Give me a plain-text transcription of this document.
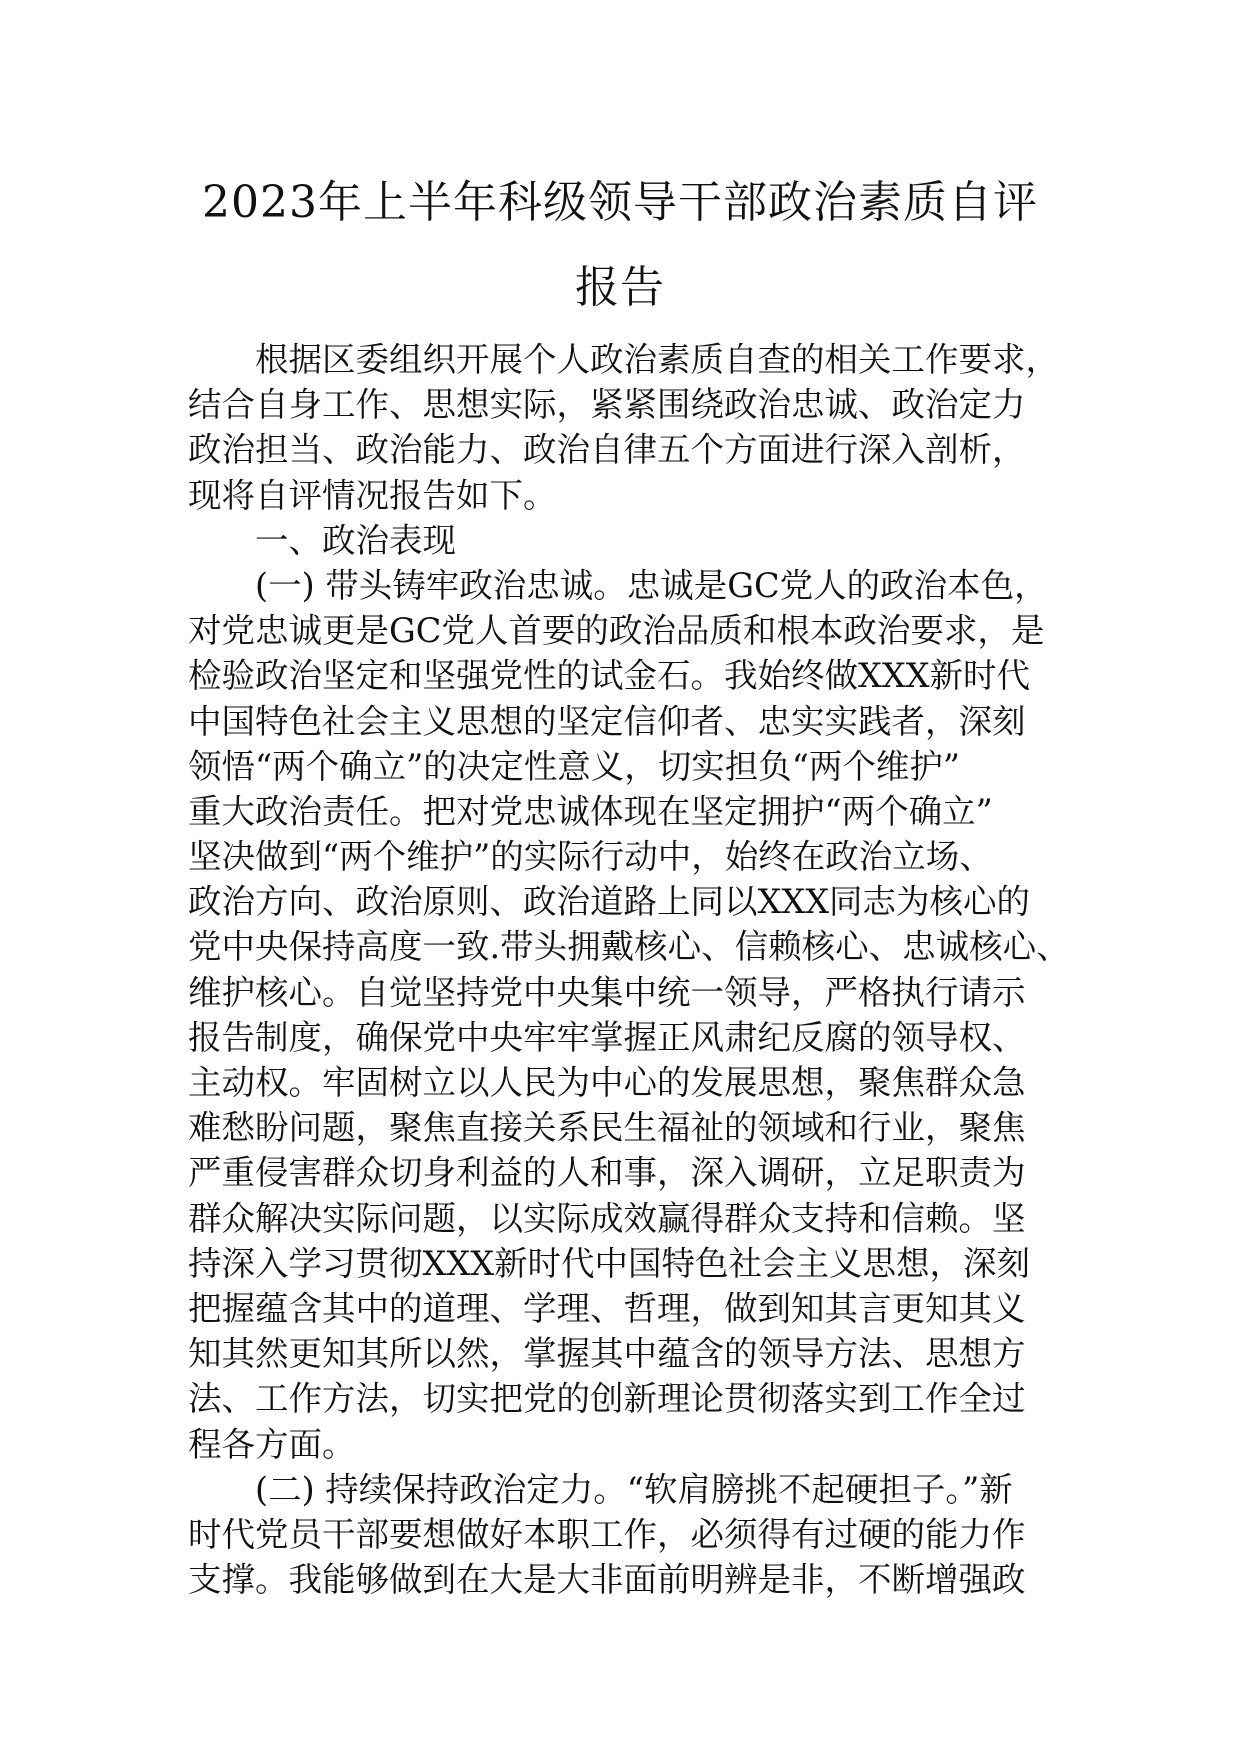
2023年上半年科级领导干部政治素质自评
报告
根据区委组织开展个人政治素质自查的相关工作要求，
结合自身工作、思想实际，紧紧围绕政治忠诚、政治定力
政治担当、政治能力、政治自律五个方面进行深入剖析，
现将自评情况报告如下。
一、政治表现
(一) 带头铸牢政治忠诚。忠诚是GC党人的政治本色，
对党忠诚更是GC党人首要的政治品质和根本政治要求，是
检验政治坚定和坚强党性的试金石。我始终做XXX新时代
中国特色社会主义思想的坚定信仰者、忠实实践者，深刻
领悟“两个确立”的决定性意义，切实担负“两个维护”
重大政治责任。把对党忠诚体现在坚定拥护“两个确立”
坚决做到“两个维护”的实际行动中，始终在政治立场、
政治方向、政治原则、政治道路上同以XXX同志为核心的
党中央保持高度一致.带头拥戴核心、信赖核心、忠诚核心、
维护核心。自觉坚持党中央集中统一领导，严格执行请示
报告制度，确保党中央牢牢掌握正风肃纪反腐的领导权、
主动权。牢固树立以人民为中心的发展思想，聚焦群众急
难愁盼问题，聚焦直接关系民生福祉的领域和行业，聚焦
严重侵害群众切身利益的人和事，深入调研，立足职责为
群众解决实际问题，以实际成效赢得群众支持和信赖。坚
持深入学习贯彻XXX新时代中国特色社会主义思想，深刻
把握蕴含其中的道理、学理、哲理，做到知其言更知其义
知其然更知其所以然，掌握其中蕴含的领导方法、思想方
法、工作方法，切实把党的创新理论贯彻落实到工作全过
程各方面。
(二) 持续保持政治定力。“软肩膀挑不起硬担子。”新
时代党员干部要想做好本职工作，必须得有过硬的能力作
支撑。我能够做到在大是大非面前明辨是非，不断增强政
